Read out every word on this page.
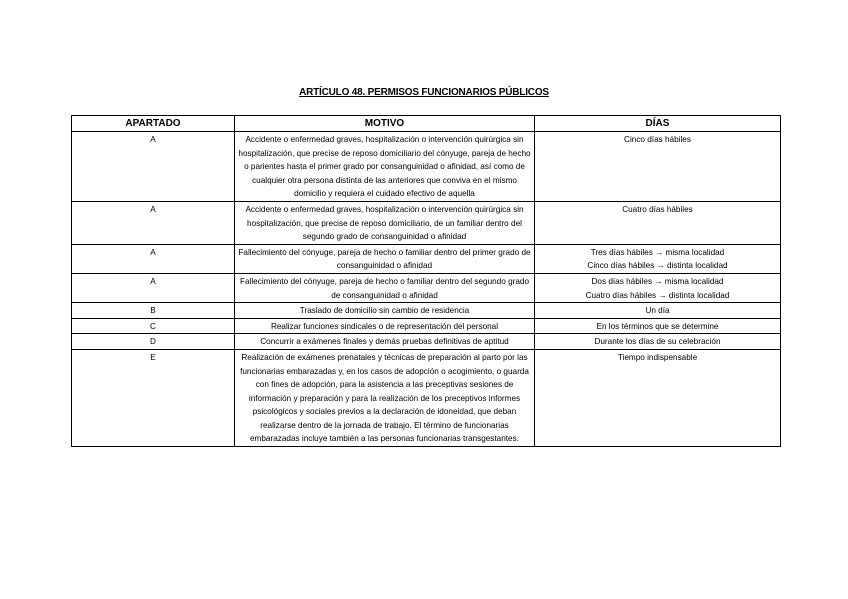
ARTÍCULO 48. PERMISOS FUNCIONARIOS PÚBLICOS
APARTADO	MOTIVO	DÍAS
A	Accidente o enfermedad graves, hospitalización o intervención quirúrgica sin hospitalización, que precise de reposo domiciliario del cónyuge, pareja de hecho o parientes hasta el primer grado por consanguinidad o afinidad, así como de cualquier otra persona distinta de las anteriores que conviva en el mismo domicilio y requiera el cuidado efectivo de aquella	Cinco días hábiles

A	Accidente o enfermedad graves, hospitalización o intervención quirúrgica sin hospitalización, que precise de reposo domiciliario, de un familiar dentro del segundo grado de consanguinidad o afinidad	Cuatro días hábiles

A	Fallecimiento del cónyuge, pareja de hecho o familiar dentro del primer grado de consanguinidad o afinidad	Tres días hábiles → misma localidad
Cinco días hábiles → distinta localidad

A	Fallecimiento del cónyuge, pareja de hecho o familiar dentro del segundo grado de consanguinidad o afinidad	Dos días hábiles → misma localidad
Cuatro días hábiles → distinta localidad

B	Traslado de domicilio sin cambio de residencia	Un día

C	Realizar funciones sindicales o de representación del personal	En los términos que se determine

D	Concurrir a exámenes finales y demás pruebas definitivas de aptitud	Durante los días de su celebración

E	Realización de exámenes prenatales y técnicas de preparación al parto por las funcionarias embarazadas y, en los casos de adopción o acogimiento, o guarda con fines de adopción, para la asistencia a las preceptivas sesiones de información y preparación y para la realización de los preceptivos informes psicológicos y sociales previos a la declaración de idoneidad, que deban realizarse dentro de la jornada de trabajo. El término de funcionarias embarazadas incluye también a las personas funcionarias transgestantes.	Tiempo indispensable
